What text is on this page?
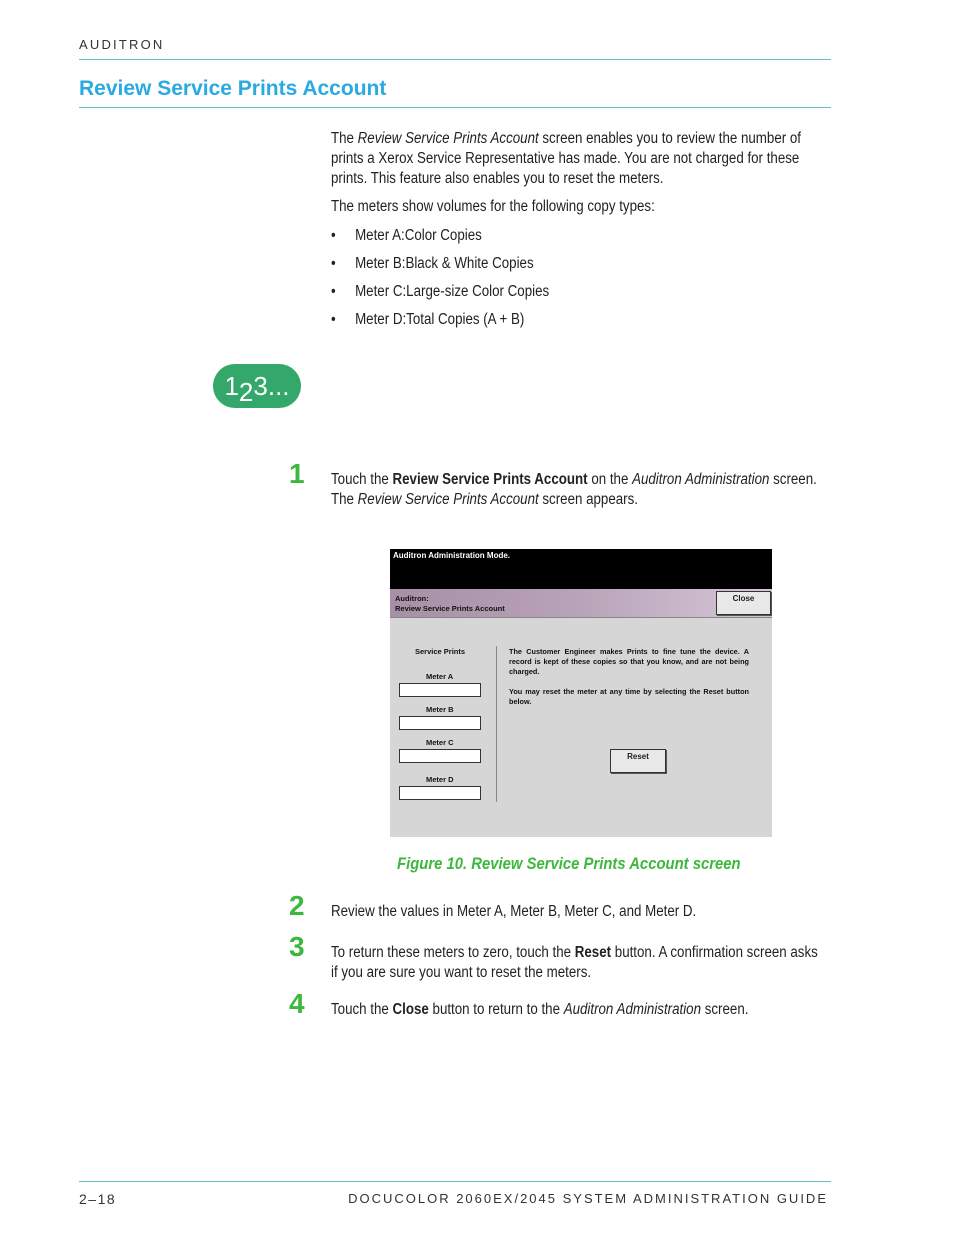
AUDITRON
Review Service Prints Account
The Review Service Prints Account screen enables you to review the number of prints a Xerox Service Representative has made. You are not charged for these prints. This feature also enables you to reset the meters.
The meters show volumes for the following copy types:
• Meter A:Color Copies
• Meter B:Black & White Copies
• Meter C:Large-size Color Copies
• Meter D:Total Copies (A + B)
123...
1 Touch the Review Service Prints Account on the Auditron Administration screen. The Review Service Prints Account screen appears.
Auditron Administration Mode.
Auditron:
Review Service Prints Account
Close
Service Prints
Meter A
Meter B
Meter C
Meter D
The Customer Engineer makes Prints to fine tune the device. A record is kept of these copies so that you know, and are not being charged.
You may reset the meter at any time by selecting the Reset button below.
Reset
Figure 10. Review Service Prints Account screen
2 Review the values in Meter A, Meter B, Meter C, and Meter D.
3 To return these meters to zero, touch the Reset button. A confirmation screen asks if you are sure you want to reset the meters.
4 Touch the Close button to return to the Auditron Administration screen.
2–18	DOCUCOLOR 2060EX/2045 SYSTEM ADMINISTRATION GUIDE
